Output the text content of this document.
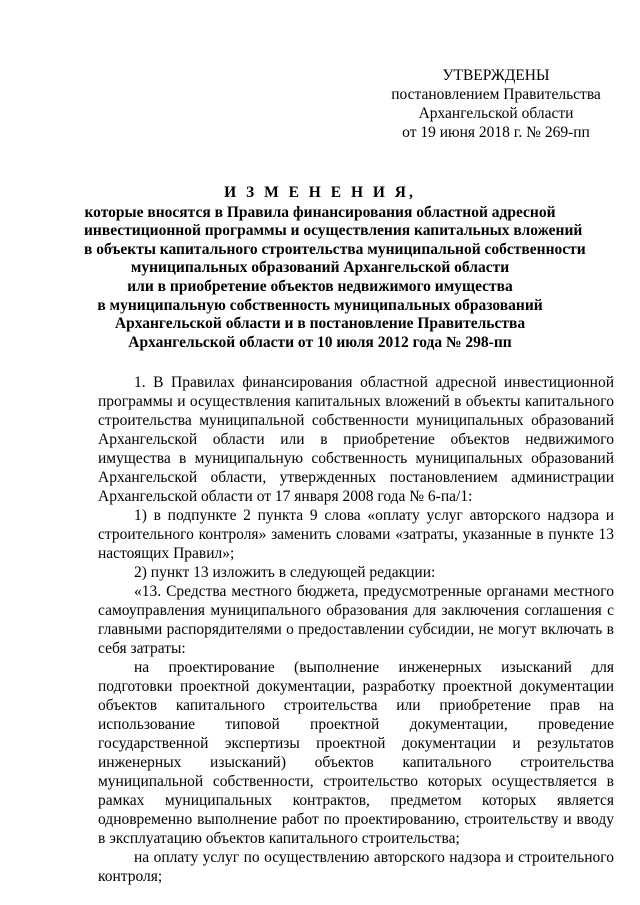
УТВЕРЖДЕНЫ
постановлением Правительства
Архангельской области
от 19 июня 2018 г. № 269-пп
И З М Е Н Е Н И Я,
которые вносятся в Правила финансирования областной адресной
инвестиционной программы и осуществления капитальных вложений
в объекты капитального строительства муниципальной собственности
муниципальных образований Архангельской области
или в приобретение объектов недвижимого имущества
в муниципальную собственность муниципальных образований
Архангельской области и в постановление Правительства
Архангельской области от 10 июля 2012 года № 298-пп

1. В Правилах финансирования областной адресной инвестиционной программы и осуществления капитальных вложений в объекты капитального строительства муниципальной собственности муниципальных образований Архангельской области или в приобретение объектов недвижимого имущества в муниципальную собственность муниципальных образований Архангельской области, утвержденных постановлением администрации Архангельской области от 17 января 2008 года № 6-па/1:

1) в подпункте 2 пункта 9 слова «оплату услуг авторского надзора и строительного контроля» заменить словами «затраты, указанные в пункте 13 настоящих Правил»;

2) пункт 13 изложить в следующей редакции:

«13. Средства местного бюджета, предусмотренные органами местного самоуправления муниципального образования для заключения соглашения с главными распорядителями о предоставлении субсидии, не могут включать в себя затраты:

на проектирование (выполнение инженерных изысканий для подготовки проектной документации, разработку проектной документации объектов капитального строительства или приобретение прав на использование типовой проектной документации, проведение государственной экспертизы проектной документации и результатов инженерных изысканий) объектов капитального строительства муниципальной собственности, строительство которых осуществляется в рамках муниципальных контрактов, предметом которых является одновременно выполнение работ по проектированию, строительству и вводу в эксплуатацию объектов капитального строительства;

на оплату услуг по осуществлению авторского надзора и строительного контроля;
